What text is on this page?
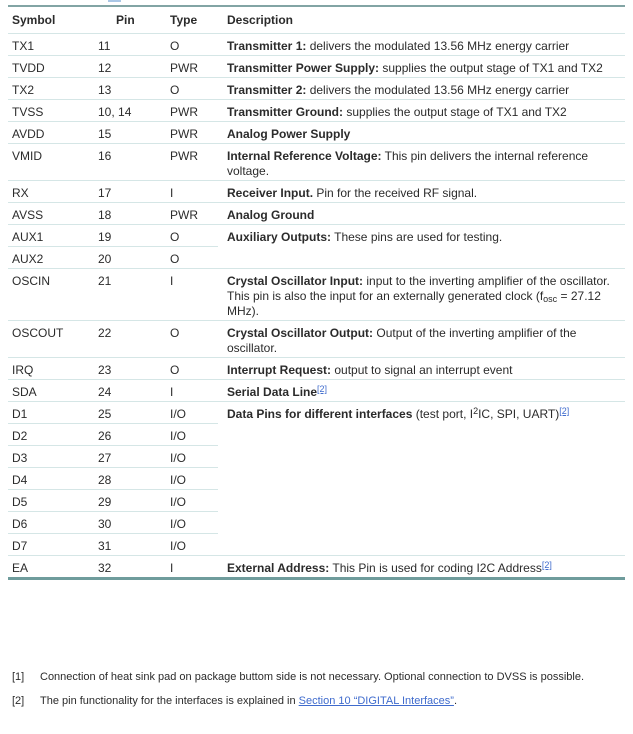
Symbol	Pin	Type	Description
TX1	11	O	Transmitter 1: delivers the modulated 13.56 MHz energy carrier
TVDD	12	PWR	Transmitter Power Supply: supplies the output stage of TX1 and TX2
TX2	13	O	Transmitter 2: delivers the modulated 13.56 MHz energy carrier
TVSS	10, 14	PWR	Transmitter Ground: supplies the output stage of TX1 and TX2
AVDD	15	PWR	Analog Power Supply
VMID	16	PWR	Internal Reference Voltage: This pin delivers the internal reference voltage.
RX	17	I	Receiver Input. Pin for the received RF signal.
AVSS	18	PWR	Analog Ground
AUX1	19	O	Auxiliary Outputs: These pins are used for testing.
AUX2	20	O	
OSCIN	21	I	Crystal Oscillator Input: input to the inverting amplifier of the oscillator. This pin is also the input for an externally generated clock (fosc = 27.12 MHz).
OSCOUT	22	O	Crystal Oscillator Output: Output of the inverting amplifier of the oscillator.
IRQ	23	O	Interrupt Request: output to signal an interrupt event
SDA	24	I	Serial Data Line[2]
D1	25	I/O	Data Pins for different interfaces (test port, $I^2IC$, SPI, UART)[2]
D2	26	I/O	
D3	27	I/O	
D4	28	I/O	
D5	29	I/O	
D6	30	I/O	
D7	31	I/O	
EA	32	I	External Address: This Pin is used for coding I2C Address[2]
[1]	Connection of heat sink pad on package buttom side is not necessary. Optional connection to DVSS is possible.
[2]	The pin functionality for the interfaces is explained in Section 10 “DIGITAL Interfaces”.
